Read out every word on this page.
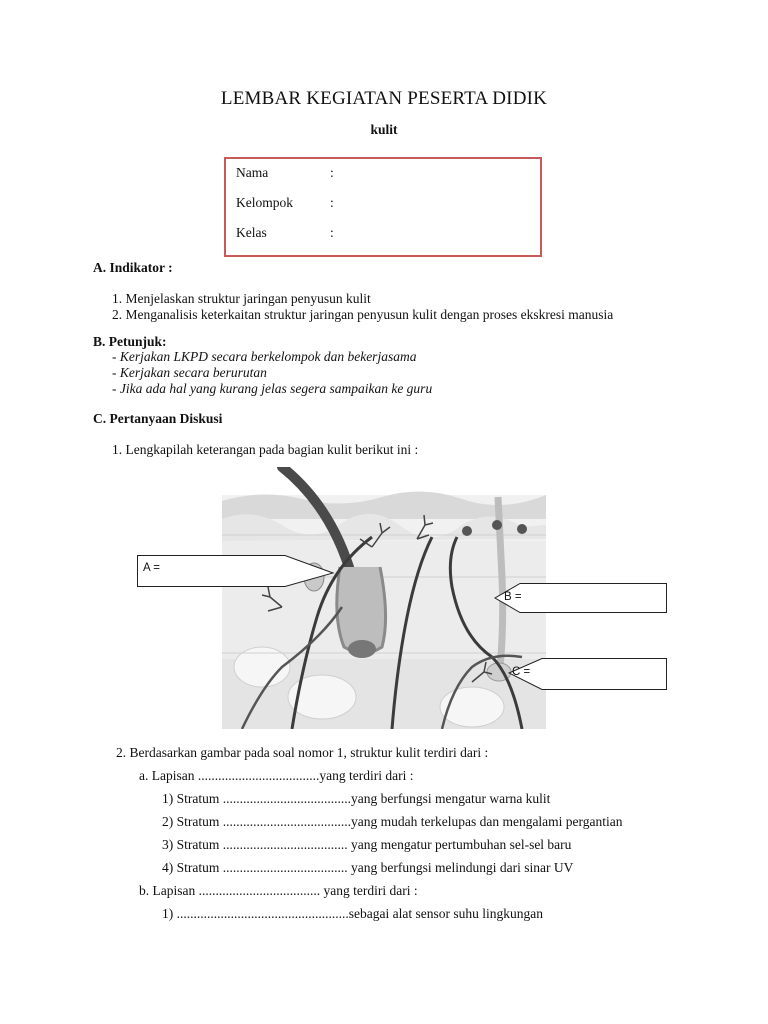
LEMBAR KEGIATAN PESERTA DIDIK
kulit
Nama	:
Kelompok	:
Kelas	:
A. Indikator :
1. Menjelaskan struktur jaringan penyusun kulit
2. Menganalisis keterkaitan struktur jaringan penyusun kulit dengan proses ekskresi manusia
B. Petunjuk:
- Kerjakan LKPD secara berkelompok dan bekerjasama
- Kerjakan secara berurutan
- Jika ada hal yang kurang jelas segera sampaikan ke guru
C. Pertanyaan Diskusi
1. Lengkapilah keterangan pada bagian kulit berikut ini :
A =
B =
C =
2. Berdasarkan gambar pada soal nomor 1, struktur kulit terdiri dari :
a. Lapisan ....................................yang terdiri dari :
1) Stratum ......................................yang berfungsi mengatur warna kulit
2) Stratum ......................................yang mudah terkelupas dan mengalami pergantian
3) Stratum ..................................... yang mengatur pertumbuhan sel-sel baru
4) Stratum ..................................... yang berfungsi melindungi dari sinar UV
b. Lapisan .................................... yang terdiri dari :
1) ...................................................sebagai alat sensor suhu lingkungan
